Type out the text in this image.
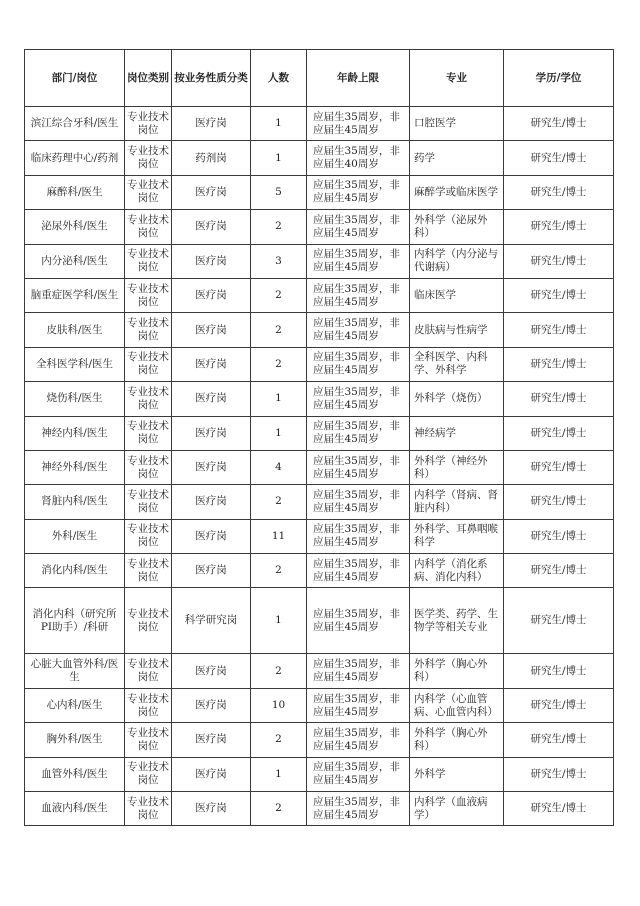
部门/岗位	岗位类别	按业务性质分类	人数	年龄上限	专业	学历/学位
滨江综合牙科/医生	专业技术岗位	医疗岗	1	应届生35周岁，非应届生45周岁	口腔医学	研究生/博士
临床药理中心/药剂	专业技术岗位	药剂岗	1	应届生35周岁，非应届生40周岁	药学	研究生/博士
麻醉科/医生	专业技术岗位	医疗岗	5	应届生35周岁，非应届生45周岁	麻醉学或临床医学	研究生/博士
泌尿外科/医生	专业技术岗位	医疗岗	2	应届生35周岁，非应届生45周岁	外科学（泌尿外科）	研究生/博士
内分泌科/医生	专业技术岗位	医疗岗	3	应届生35周岁，非应届生45周岁	内科学（内分泌与代谢病）	研究生/博士
脑重症医学科/医生	专业技术岗位	医疗岗	2	应届生35周岁，非应届生45周岁	临床医学	研究生/博士
皮肤科/医生	专业技术岗位	医疗岗	2	应届生35周岁，非应届生45周岁	皮肤病与性病学	研究生/博士
全科医学科/医生	专业技术岗位	医疗岗	2	应届生35周岁，非应届生45周岁	全科医学、内科学、外科学	研究生/博士
烧伤科/医生	专业技术岗位	医疗岗	1	应届生35周岁，非应届生45周岁	外科学（烧伤）	研究生/博士
神经内科/医生	专业技术岗位	医疗岗	1	应届生35周岁，非应届生45周岁	神经病学	研究生/博士
神经外科/医生	专业技术岗位	医疗岗	4	应届生35周岁，非应届生45周岁	外科学（神经外科）	研究生/博士
肾脏内科/医生	专业技术岗位	医疗岗	2	应届生35周岁，非应届生45周岁	内科学（肾病、肾脏内科）	研究生/博士
外科/医生	专业技术岗位	医疗岗	11	应届生35周岁，非应届生45周岁	外科学、耳鼻咽喉科学	研究生/博士
消化内科/医生	专业技术岗位	医疗岗	2	应届生35周岁，非应届生45周岁	内科学（消化系病、消化内科）	研究生/博士
消化内科（研究所PI助手）/科研	专业技术岗位	科学研究岗	1	应届生35周岁，非应届生45周岁	医学类、药学、生物学等相关专业	研究生/博士
心脏大血管外科/医生	专业技术岗位	医疗岗	2	应届生35周岁，非应届生45周岁	外科学（胸心外科）	研究生/博士
心内科/医生	专业技术岗位	医疗岗	10	应届生35周岁，非应届生45周岁	内科学（心血管病、心血管内科）	研究生/博士
胸外科/医生	专业技术岗位	医疗岗	2	应届生35周岁，非应届生45周岁	外科学（胸心外科）	研究生/博士
血管外科/医生	专业技术岗位	医疗岗	1	应届生35周岁，非应届生45周岁	外科学	研究生/博士
血液内科/医生	专业技术岗位	医疗岗	2	应届生35周岁，非应届生45周岁	内科学（血液病学）	研究生/博士
